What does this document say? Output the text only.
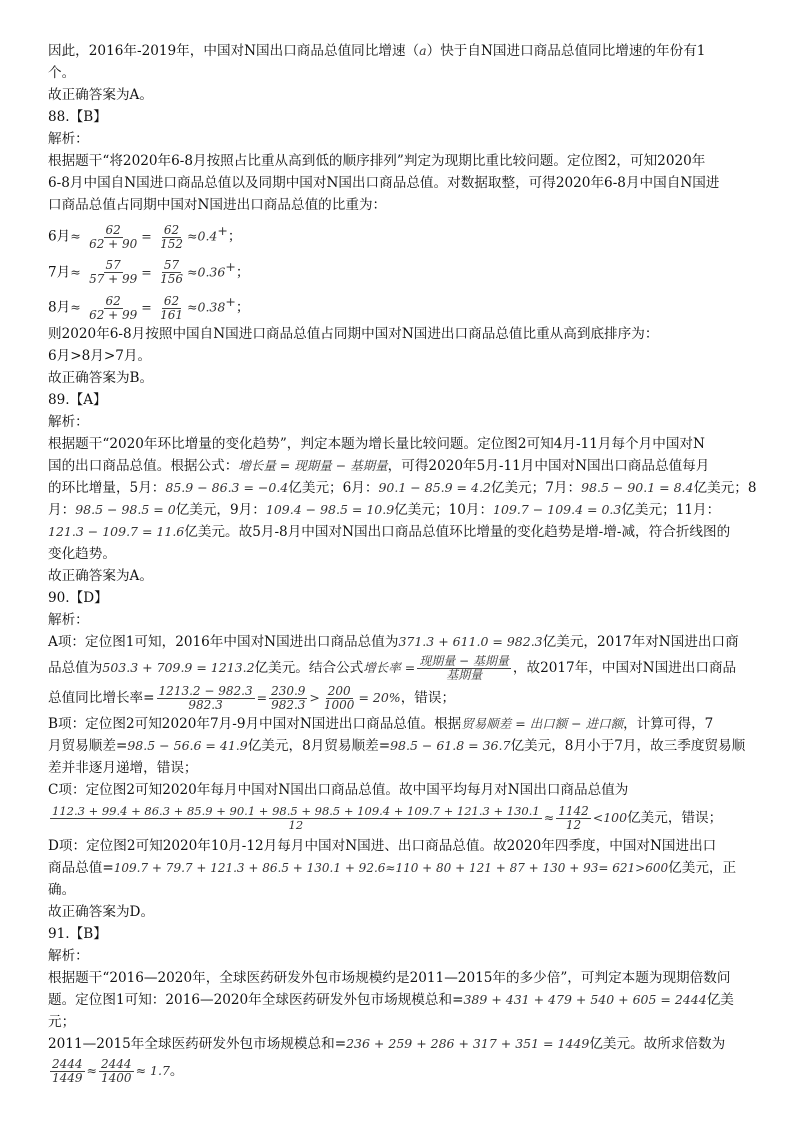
因此，2016年-2019年，中国对N国出口商品总值同比增速（a）快于自N国进口商品总值同比增速的年份有1

个。

故正确答案为A。

88.【B】

解析：

根据题干“将2020年6-8月按照占比重从高到低的顺序排列”判定为现期比重比较问题。定位图2，可知2020年

6-8月中国自N国进口商品总值以及同期中国对N国出口商品总值。对数据取整，可得2020年6-8月中国自N国进

口商品总值占同期中国对N国进出口商品总值的比重为：

6月≈ $\frac{62}{62 + 90} = \frac{62}{152} \approx 0.4^+$；

7月≈ $\frac{57}{57 + 99} = \frac{57}{156} \approx 0.36^+$；

8月≈ $\frac{62}{62 + 99} = \frac{62}{161} \approx 0.38^+$；

则2020年6-8月按照中国自N国进口商品总值占同期中国对N国进出口商品总值比重从高到底排序为：

6月>8月>7月。

故正确答案为B。

89.【A】

解析：

根据题干“2020年环比增量的变化趋势”，判定本题为增长量比较问题。定位图2可知4月-11月每个月中国对N

国的出口商品总值。根据公式：增长量 = 现期量 − 基期量，可得2020年5月-11月中国对N国出口商品总值每月

的环比增量，5月：85.9 − 86.3 = −0.4亿美元；6月：90.1 − 85.9 = 4.2亿美元；7月：98.5 − 90.1 = 8.4亿美元；8

月：98.5 − 98.5 = 0亿美元，9月：109.4 − 98.5 = 10.9亿美元；10月：109.7 − 109.4 = 0.3亿美元；11月：

121.3 − 109.7 = 11.6亿美元。故5月-8月中国对N国出口商品总值环比增量的变化趋势是增-增-减，符合折线图的

变化趋势。

故正确答案为A。

90.【D】

解析：

A项：定位图1可知，2016年中国对N国进出口商品总值为371.3 + 611.0 = 982.3亿美元，2017年对N国进出口商

品总值为503.3 + 709.9 = 1213.2亿美元。结合公式增长率 = $\frac{\text{现期量 − 基期量}}{\text{基期量}}$ ，故2017年，中国对N国进出口商品

总值同比增长率= $\frac{1213.2 - 982.3}{982.3} = \frac{230.9}{982.3} > \frac{200}{1000} = 20\%$，错误；

B项：定位图2可知2020年7月-9月中国对N国进出口商品总值。根据贸易顺差 = 出口额 − 进口额，计算可得，7

月贸易顺差=98.5 − 56.6 = 41.9亿美元，8月贸易顺差=98.5 − 61.8 = 36.7亿美元，8月小于7月，故三季度贸易顺

差并非逐月递增，错误；

C项：定位图2可知2020年每月中国对N国出口商品总值。故中国平均每月对N国出口商品总值为

112.3 + 99.4 + 86.3 + 85.9 + 90.1 + 98.5 + 98.5 + 109.4 + 109.7 + 121.3 + 130.1
12	≈ $\frac{1142}{12} <100$亿美元，错误；

D项：定位图2可知2020年10月-12月每月中国对N国进、出口商品总值。故2020年四季度，中国对N国进出口

商品总值=109.7 + 79.7 + 121.3 + 86.5 + 130.1 + 92.6≈110 + 80 + 121 + 87 + 130 + 93= 621>600亿美元，正确。

故正确答案为D。

91.【B】

解析：

根据题干“2016—2020年，全球医药研发外包市场规模约是2011—2015年的多少倍”，可判定本题为现期倍数问

题。定位图1可知：2016—2020年全球医药研发外包市场规模总和=389 + 431 + 479 + 540 + 605 = 2444亿美元；

2011—2015年全球医药研发外包市场规模总和=236 + 259 + 286 + 317 + 351 = 1449亿美元。故所求倍数为

$\frac{2444}{1449} \approx \frac{2444}{1400} \approx 1.7$。
